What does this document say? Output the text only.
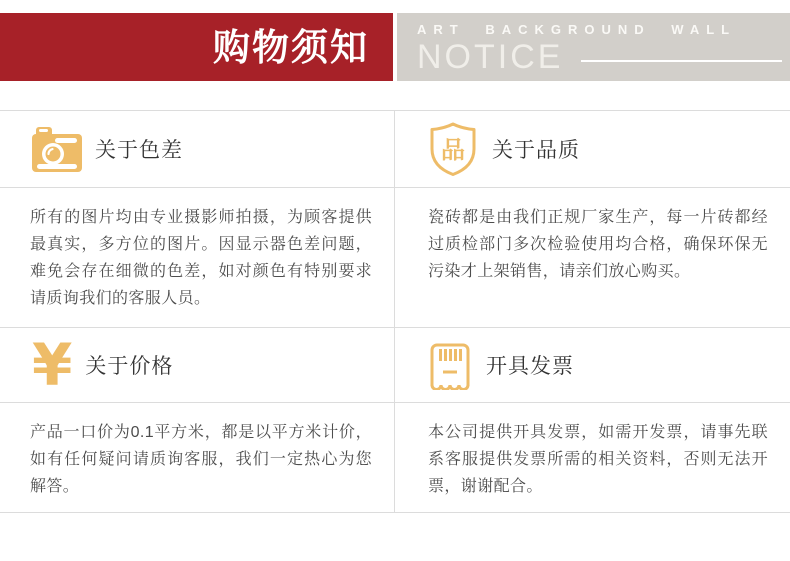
购物须知	ART BACKGROUND WALL
NOTICE
关于色差	品 关于品质

所有的图片均由专业摄影师拍摄，为顾客提供最真实，多方位的图片。因显示器色差问题，难免会存在细微的色差，如对颜色有特别要求请质询我们的客服人员。

瓷砖都是由我们正规厂家生产，每一片砖都经过质检部门多次检验使用均合格，确保环保无污染才上架销售，请亲们放心购买。

¥ 关于价格	开具发票

产品一口价为0.1平方米，都是以平方米计价，如有任何疑问请质询客服，我们一定热心为您解答。

本公司提供开具发票，如需开发票，请事先联系客服提供发票所需的相关资料，否则无法开票，谢谢配合。
